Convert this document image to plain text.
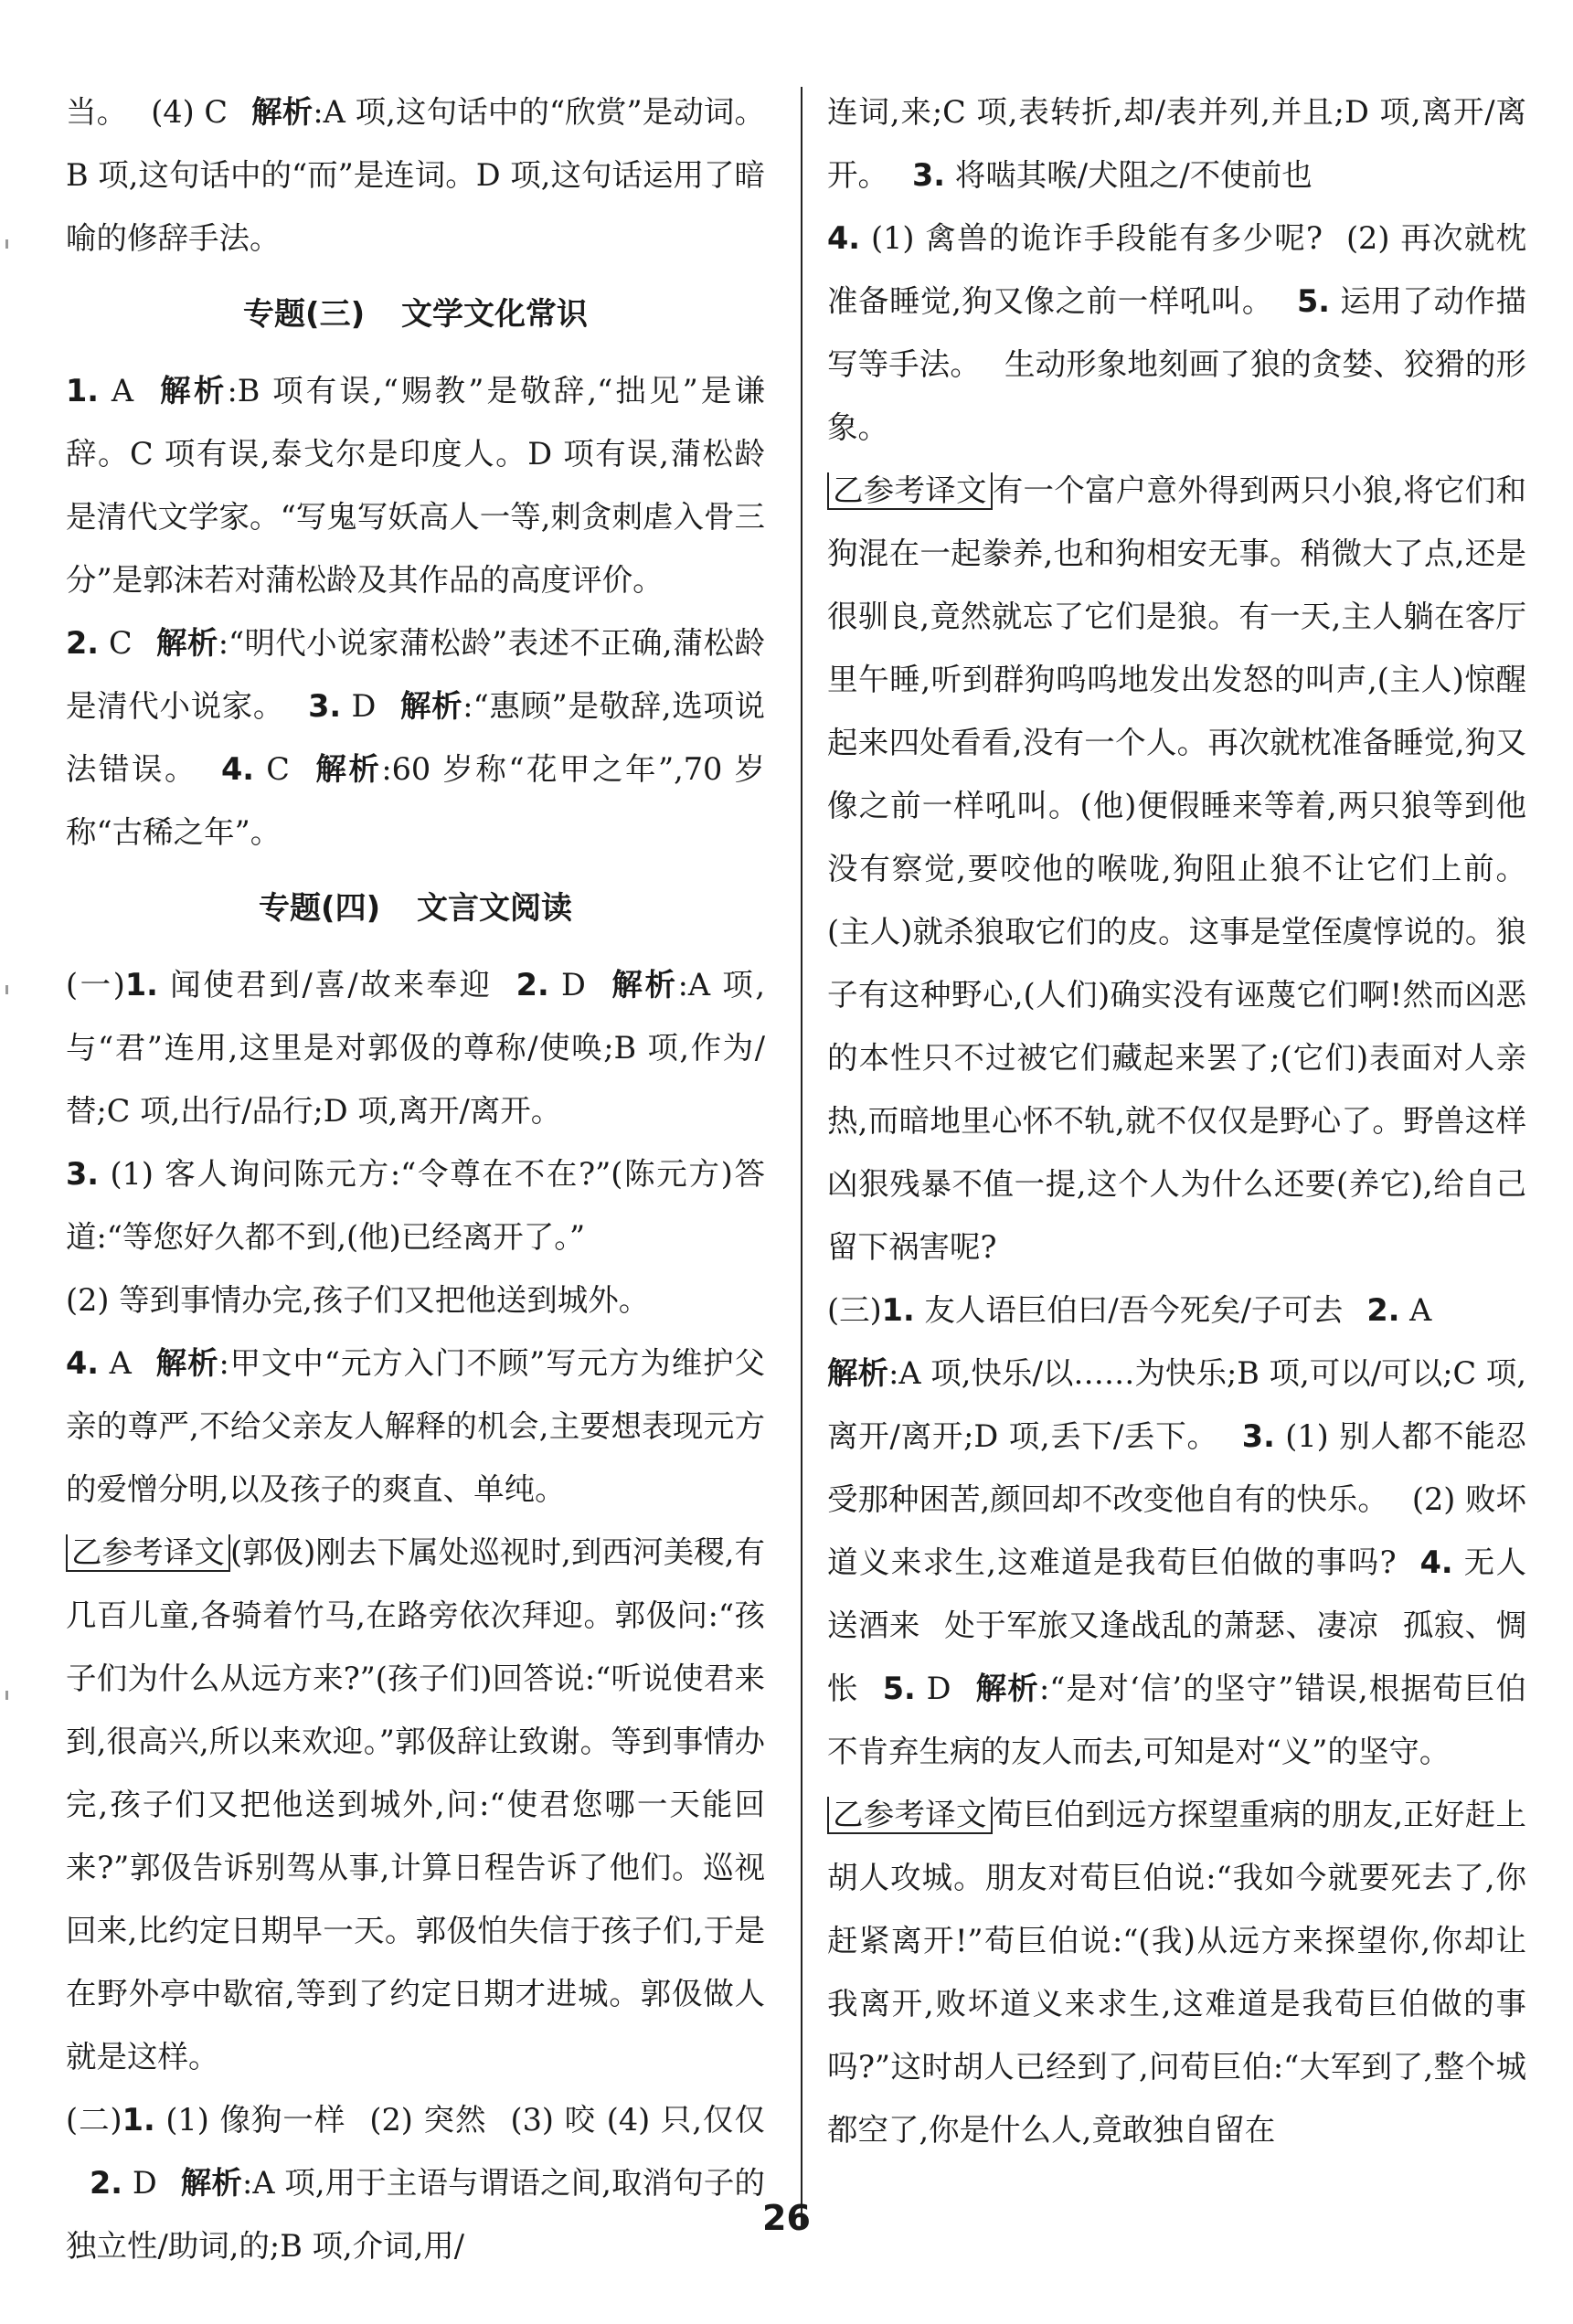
当。 (4) C 解析:A 项,这句话中的“欣赏”是动词。B 项,这句话中的“而”是连词。D 项,这句话运用了暗喻的修辞手法。

专题(三) 文学文化常识

1. A 解析:B 项有误,“赐教”是敬辞,“拙见”是谦辞。C 项有误,泰戈尔是印度人。D 项有误,蒲松龄是清代文学家。“写鬼写妖高人一等,刺贪刺虐入骨三分”是郭沫若对蒲松龄及其作品的高度评价。

2. C 解析:“明代小说家蒲松龄”表述不正确,蒲松龄是清代小说家。 3. D 解析:“惠顾”是敬辞,选项说法错误。 4. C 解析:60 岁称“花甲之年”,70 岁称“古稀之年”。

专题(四) 文言文阅读

(一)1. 闻使君到/喜/故来奉迎 2. D 解析:A 项,与“君”连用,这里是对郭伋的尊称/使唤;B 项,作为/替;C 项,出行/品行;D 项,离开/离开。

3. (1) 客人询问陈元方:“令尊在不在?”(陈元方)答道:“等您好久都不到,(他)已经离开了。”

(2) 等到事情办完,孩子们又把他送到城外。

4. A 解析:甲文中“元方入门不顾”写元方为维护父亲的尊严,不给父亲友人解释的机会,主要想表现元方的爱憎分明,以及孩子的爽直、单纯。

乙参考译文 (郭伋)刚去下属处巡视时,到西河美稷,有几百儿童,各骑着竹马,在路旁依次拜迎。郭伋问:“孩子们为什么从远方来?”(孩子们)回答说:“听说使君来到,很高兴,所以来欢迎。”郭伋辞让致谢。等到事情办完,孩子们又把他送到城外,问:“使君您哪一天能回来?”郭伋告诉别驾从事,计算日程告诉了他们。巡视回来,比约定日期早一天。郭伋怕失信于孩子们,于是在野外亭中歇宿,等到了约定日期才进城。郭伋做人就是这样。

(二)1. (1) 像狗一样 (2) 突然 (3) 咬 (4) 只,仅仅2. D 解析:A 项,用于主语与谓语之间,取消句子的独立性/助词,的;B 项,介词,用/

连词,来;C 项,表转折,却/表并列,并且;D 项,离开/离开。 3. 将啮其喉/犬阻之/不使前也

4. (1) 禽兽的诡诈手段能有多少呢? (2) 再次就枕准备睡觉,狗又像之前一样吼叫。 5. 运用了动作描写等手法。 生动形象地刻画了狼的贪婪、狡猾的形象。

乙参考译文 有一个富户意外得到两只小狼,将它们和狗混在一起豢养,也和狗相安无事。稍微大了点,还是很驯良,竟然就忘了它们是狼。有一天,主人躺在客厅里午睡,听到群狗呜呜地发出发怒的叫声,(主人)惊醒起来四处看看,没有一个人。再次就枕准备睡觉,狗又像之前一样吼叫。(他)便假睡来等着,两只狼等到他没有察觉,要咬他的喉咙,狗阻止狼不让它们上前。(主人)就杀狼取它们的皮。这事是堂侄虞惇说的。狼子有这种野心,(人们)确实没有诬蔑它们啊!然而凶恶的本性只不过被它们藏起来罢了;(它们)表面对人亲热,而暗地里心怀不轨,就不仅仅是野心了。野兽这样凶狠残暴不值一提,这个人为什么还要(养它),给自己留下祸害呢?

(三)1. 友人语巨伯曰/吾今死矣/子可去 2. A

解析:A 项,快乐/以……为快乐;B 项,可以/可以;C 项,离开/离开;D 项,丢下/丢下。 3. (1) 别人都不能忍受那种困苦,颜回却不改变他自有的快乐。 (2) 败坏道义来求生,这难道是我荀巨伯做的事吗? 4. 无人送酒来 处于军旅又逢战乱的萧瑟、凄凉 孤寂、惆怅 5. D 解析:“是对‘信’的坚守”错误,根据荀巨伯不肯弃生病的友人而去,可知是对“义”的坚守。

乙参考译文 荀巨伯到远方探望重病的朋友,正好赶上胡人攻城。朋友对荀巨伯说:“我如今就要死去了,你赶紧离开!”荀巨伯说:“(我)从远方来探望你,你却让我离开,败坏道义来求生,这难道是我荀巨伯做的事吗?”这时胡人已经到了,问荀巨伯:“大军到了,整个城都空了,你是什么人,竟敢独自留在

26
